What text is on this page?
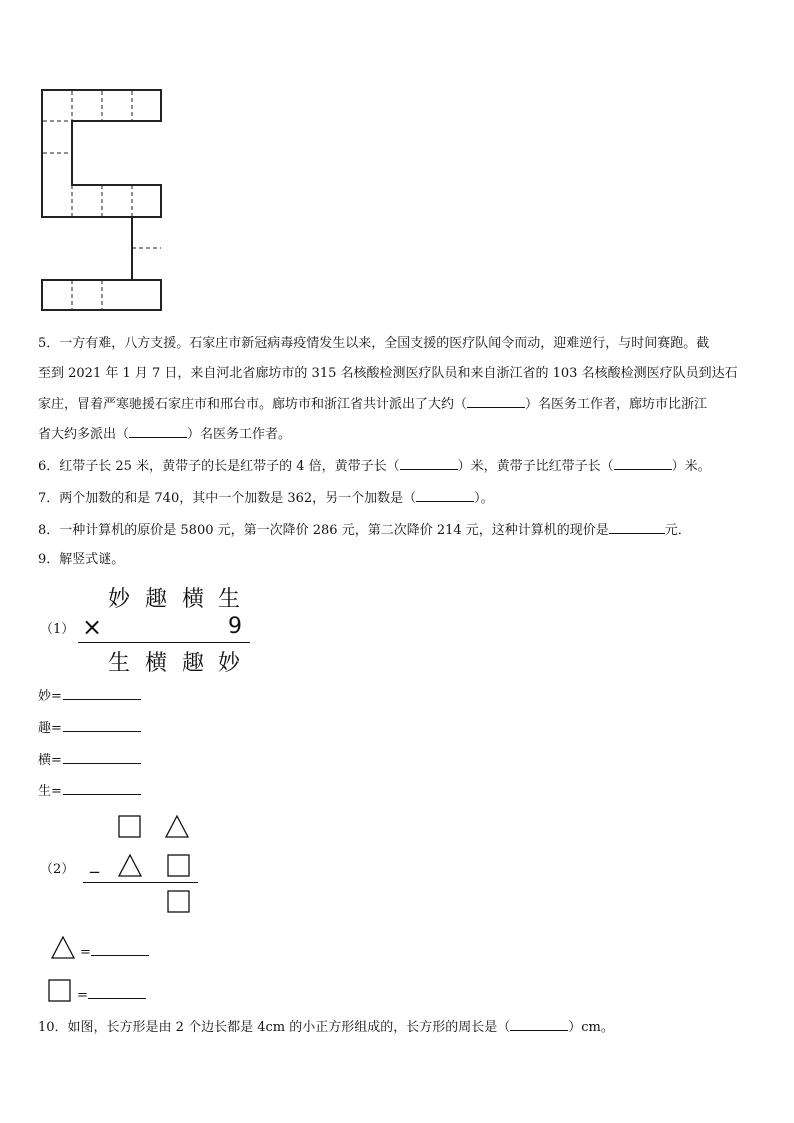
5．一方有难，八方支援。石家庄市新冠病毒疫情发生以来，全国支援的医疗队闻令而动，迎难逆行，与时间赛跑。截
至到 2021 年 1 月 7 日，来自河北省廊坊市的 315 名核酸检测医疗队员和来自浙江省的 103 名核酸检测医疗队员到达石
家庄，冒着严寒驰援石家庄市和邢台市。廊坊市和浙江省共计派出了大约（	）名医务工作者，廊坊市比浙江
省大约多派出（	）名医务工作者。
6．红带子长 25 米，黄带子的长是红带子的 4 倍，黄带子长（	）米，黄带子比红带子长（	）米。
7．两个加数的和是 740，其中一个加数是 362，另一个加数是（	）。
8．一种计算机的原价是 5800 元，第一次降价 286 元，第二次降价 214 元，这种计算机的现价是	元．
9．解竖式谜。
（1）
妙 趣 横 生
×	9
生 横 趣 妙
妙=
趣=
横=
生=
（2） _
=
=
10．如图，长方形是由 2 个边长都是 4cm 的小正方形组成的，长方形的周长是（	）cm。
